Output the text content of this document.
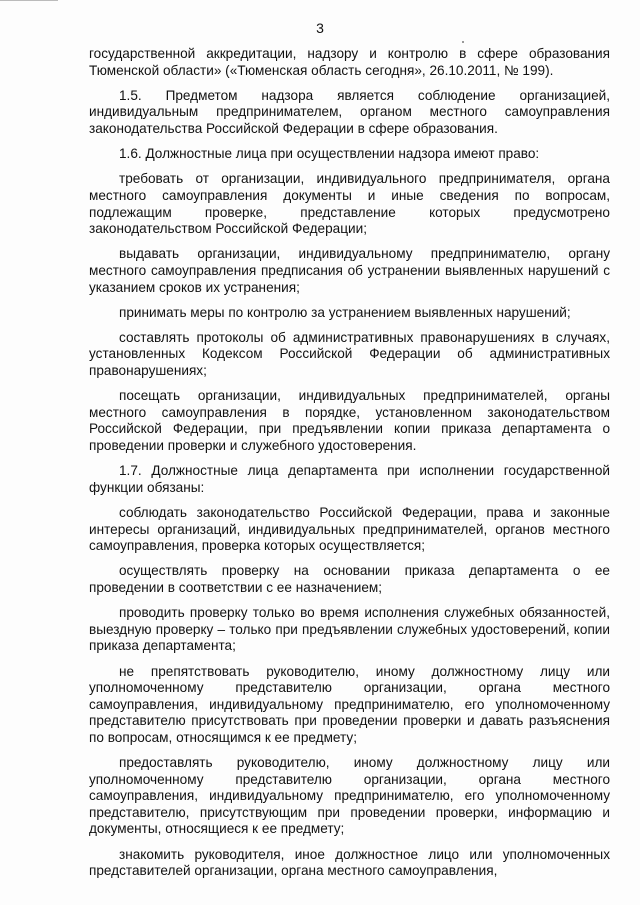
3

государственной аккредитации, надзору и контролю в сфере образования Тюменской области» («Тюменская область сегодня», 26.10.2011, № 199).

1.5. Предметом надзора является соблюдение организацией, индивидуальным предпринимателем, органом местного самоуправления законодательства Российской Федерации в сфере образования.

1.6. Должностные лица при осуществлении надзора имеют право:

требовать от организации, индивидуального предпринимателя, органа местного самоуправления документы и иные сведения по вопросам, подлежащим проверке, представление которых предусмотрено законодательством Российской Федерации;

выдавать организации, индивидуальному предпринимателю, органу местного самоуправления предписания об устранении выявленных нарушений с указанием сроков их устранения;

принимать меры по контролю за устранением выявленных нарушений;

составлять протоколы об административных правонарушениях в случаях, установленных Кодексом Российской Федерации об административных правонарушениях;

посещать организации, индивидуальных предпринимателей, органы местного самоуправления в порядке, установленном законодательством Российской Федерации, при предъявлении копии приказа департамента о проведении проверки и служебного удостоверения.

1.7. Должностные лица департамента при исполнении государственной функции обязаны:

соблюдать законодательство Российской Федерации, права и законные интересы организаций, индивидуальных предпринимателей, органов местного самоуправления, проверка которых осуществляется;

осуществлять проверку на основании приказа департамента о ее проведении в соответствии с ее назначением;

проводить проверку только во время исполнения служебных обязанностей, выездную проверку – только при предъявлении служебных удостоверений, копии приказа департамента;

не препятствовать руководителю, иному должностному лицу или уполномоченному представителю организации, органа местного самоуправления, индивидуальному предпринимателю, его уполномоченному представителю присутствовать при проведении проверки и давать разъяснения по вопросам, относящимся к ее предмету;

предоставлять руководителю, иному должностному лицу или уполномоченному представителю организации, органа местного самоуправления, индивидуальному предпринимателю, его уполномоченному представителю, присутствующим при проведении проверки, информацию и документы, относящиеся к ее предмету;

знакомить руководителя, иное должностное лицо или уполномоченных представителей организации, органа местного самоуправления,
